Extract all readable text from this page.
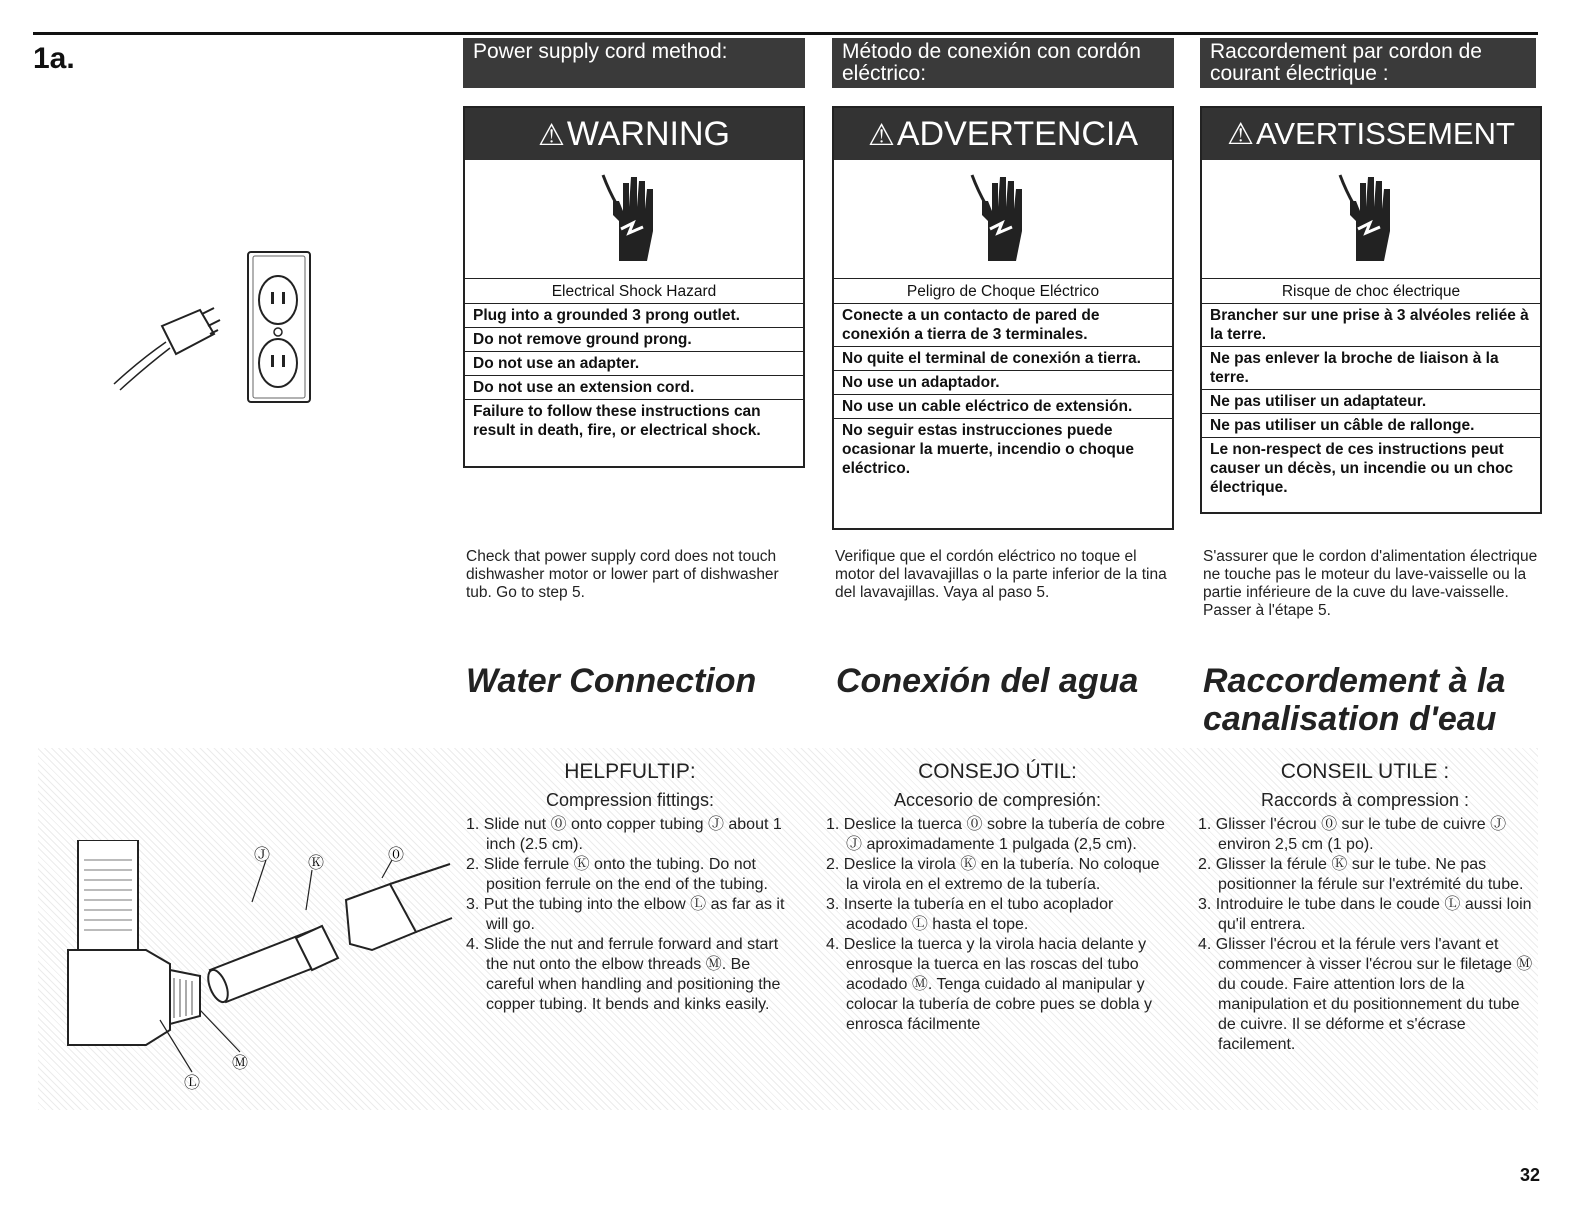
1a.	Power supply cord method:
⚠WARNING
Electrical Shock Hazard
Plug into a grounded 3 prong outlet.
Do not remove ground prong.
Do not use an adapter.
Do not use an extension cord.
Failure to follow these instructions can result in death, fire, or electrical shock.
Check that power supply cord does not touch dishwasher motor or lower part of dishwasher tub. Go to step 5.
Water Connection
Método de conexión con cordón eléctrico:
⚠ADVERTENCIA
Peligro de Choque Eléctrico
Conecte a un contacto de pared de conexión a tierra de 3 terminales.
No quite el terminal de conexión a tierra.
No use un adaptador.
No use un cable eléctrico de extensión.
No seguir estas instrucciones puede ocasionar la muerte, incendio o choque eléctrico.
Verifique que el cordón eléctrico no toque el motor del lavavajillas o la parte inferior de la tina del lavavajillas. Vaya al paso 5.
Conexión del agua
Raccordement par cordon de courant électrique :
⚠AVERTISSEMENT
Risque de choc électrique
Brancher sur une prise à 3 alvéoles reliée à la terre.
Ne pas enlever la broche de liaison à la terre.
Ne pas utiliser un adaptateur.
Ne pas utiliser un câble de rallonge.
Le non-respect de ces instructions peut causer un décès, un incendie ou un choc électrique.
S'assurer que le cordon d'alimentation électrique ne touche pas le moteur du lave-vaisselle ou la partie inférieure de la cuve du lave-vaisselle. Passer à l'étape 5.
Raccordement à la canalisation d'eau
Ⓙ Ⓚ	⓪
Ⓛ
Ⓜ
HELPFULTIP:
Compression fittings:
1. Slide nut ⓪ onto copper tubing Ⓙ about 1 inch (2.5 cm).
2. Slide ferrule Ⓚ onto the tubing. Do not position ferrule on the end of the tubing.
3. Put the tubing into the elbow Ⓛ as far as it will go.
4. Slide the nut and ferrule forward and start the nut onto the elbow threads Ⓜ. Be careful when handling and positioning the copper tubing. It bends and kinks easily.
CONSEJO ÚTIL:
Accesorio de compresión:
1. Deslice la tuerca ⓪ sobre la tubería de cobre Ⓙ aproximadamente 1 pulgada (2,5 cm).
2. Deslice la virola Ⓚ en la tubería. No coloque la virola en el extremo de la tubería.
3. Inserte la tubería en el tubo acoplador acodado Ⓛ hasta el tope.
4. Deslice la tuerca y la virola hacia delante y enrosque la tuerca en las roscas del tubo acodado Ⓜ. Tenga cuidado al manipular y colocar la tubería de cobre pues se dobla y enrosca fácilmente
CONSEIL UTILE :
Raccords à compression :
1. Glisser l'écrou ⓪ sur le tube de cuivre Ⓙ environ 2,5 cm (1 po).
2. Glisser la férule Ⓚ sur le tube. Ne pas positionner la férule sur l'extrémité du tube.
3. Introduire le tube dans le coude Ⓛ aussi loin qu'il entrera.
4. Glisser l'écrou et la férule vers l'avant et commencer à visser l'écrou sur le filetage Ⓜ du coude. Faire attention lors de la manipulation et du positionnement du tube de cuivre. Il se déforme et s'écrase facilement.
32
